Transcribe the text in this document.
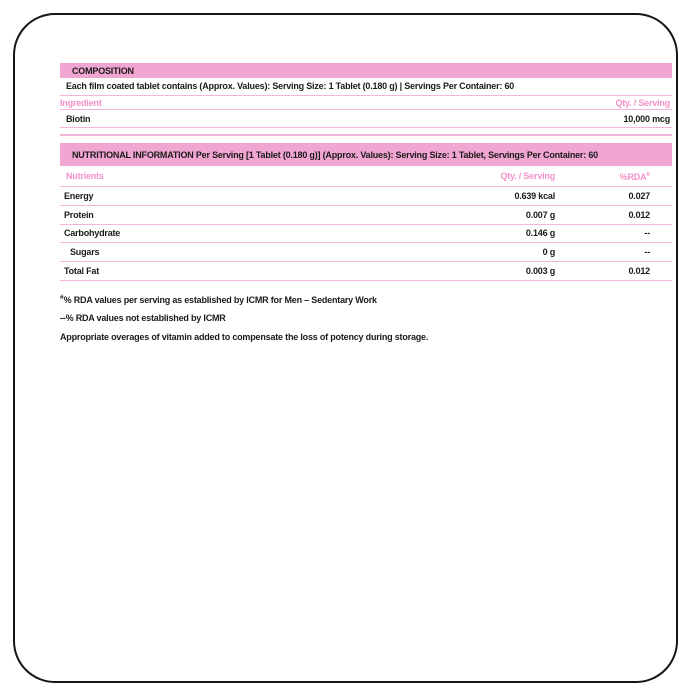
COMPOSITION
Each film coated tablet contains (Approx. Values): Serving Size: 1 Tablet (0.180 g) | Servings Per Container: 60
Ingredient	Qty. / Serving
Biotin	10,000 mcg
NUTRITIONAL INFORMATION Per Serving [1 Tablet (0.180 g)] (Approx. Values): Serving Size: 1 Tablet, Servings Per Container: 60
Nutrients	Qty. / Serving	%RDA#
Energy	0.639 kcal	0.027
Protein	0.007 g	0.012
Carbohydrate	0.146 g	--
Sugars	0 g	--
Total Fat	0.003 g	0.012
#% RDA values per serving as established by ICMR for Men – Sedentary Work
--% RDA values not established by ICMR
Appropriate overages of vitamin added to compensate the loss of potency during storage.
